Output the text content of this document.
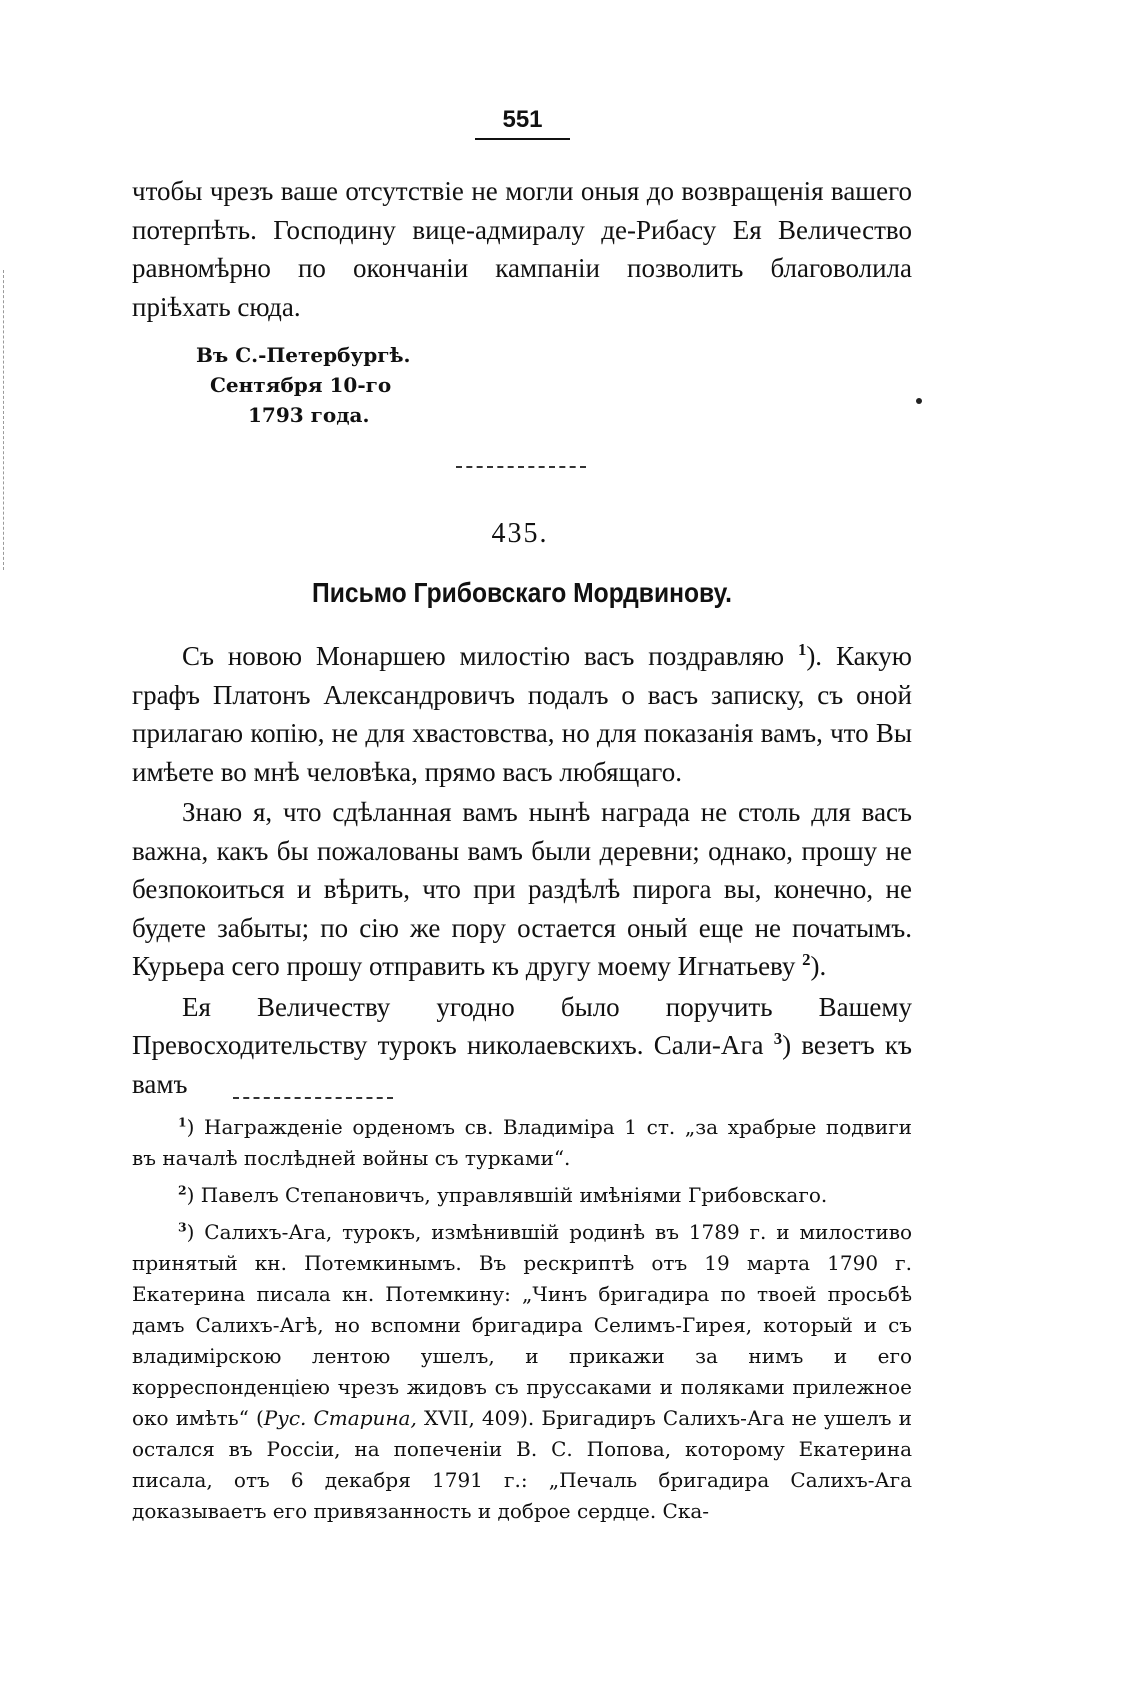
551

чтобы чрезъ ваше отсутствіе не могли оныя до возвращенія вашего потерпѣть. Господину вице-адмиралу де-Рибасу Ея Величество равномѣрно по окончаніи кампаніи позволить благоволила пріѣхать сюда.

Въ С.-Петербургѣ.
Сентября 10-го
1793 года.
435.
Письмо Грибовскаго Мордвинову.

Съ новою Монаршею милостію васъ поздравляю $^1$). Какую графъ Платонъ Александровичъ подалъ о васъ записку, съ оной прилагаю копію, не для хвастовства, но для показанія вамъ, что Вы имѣете во мнѣ человѣка, прямо васъ любящаго.

Знаю я, что сдѣланная вамъ нынѣ награда не столь для васъ важна, какъ бы пожалованы вамъ были деревни; однако, прошу не безпокоиться и вѣрить, что при раздѣлѣ пирога вы, конечно, не будете забыты; по сію же пору остается оный еще не початымъ. Курьера сего прошу отправить къ другу моему Игнатьеву $^2$).

Ея Величеству угодно было поручить Вашему Превосходительству турокъ николаевскихъ. Сали-Ага $^3$) везетъ къ вамъ

$^1$) Награжденіе орденомъ св. Владиміра 1 ст. „за храбрые подвиги въ началѣ послѣдней войны съ турками“.

$^2$) Павелъ Степановичъ, управлявшій имѣніями Грибовскаго.

$^3$) Салихъ-Ага, турокъ, измѣнившій родинѣ въ 1789 г. и милостиво принятый кн. Потемкинымъ. Въ рескриптѣ отъ 19 марта 1790 г. Екатерина писала кн. Потемкину: „Чинъ бригадира по твоей просьбѣ дамъ Салихъ-Агѣ, но вспомни бригадира Селимъ-Гирея, который и съ владимірскою лентою ушелъ, и прикажи за нимъ и его корреспонденціею чрезъ жидовъ съ пруссаками и поляками прилежное око имѣть“ (Рус. Старина, XVII, 409). Бригадиръ Салихъ-Ага не ушелъ и остался въ Россіи, на попеченіи В. С. Попова, которому Екатерина писала, отъ 6 декабря 1791 г.: „Печаль бригадира Салихъ-Ага доказываетъ его привязанность и доброе сердце. Ска-
